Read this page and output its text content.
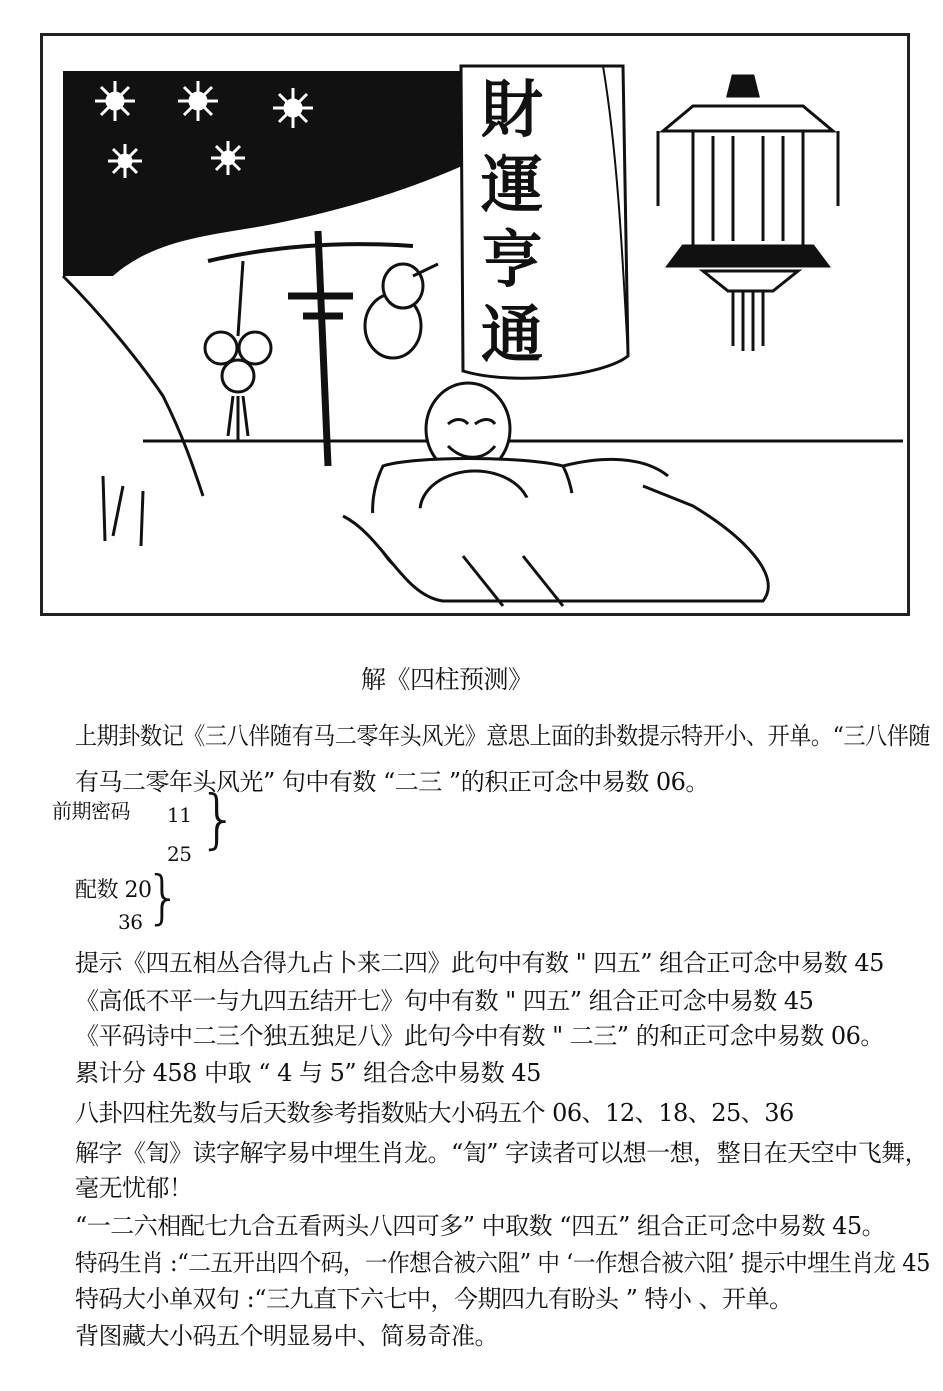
財
運
亨
通
解《四柱预测》
上期卦数记《三八伴随有马二零年头风光》意思上面的卦数提示特开小、开单。“三八伴随
有马二零年头风光” 句中有数 “二三 ”的积正可念中易数 06。
前期密码 11
25 }
配数 20
36 }
提示《四五相丛合得九占卜来二四》此句中有数 " 四五” 组合正可念中易数 45
《高低不平一与九四五结开七》句中有数 " 四五” 组合正可念中易数 45
《平码诗中二三个独五独足八》此句今中有数 " 二三” 的和正可念中易数 06。
累计分 458 中取 “ 4 与 5” 组合念中易数 45
八卦四柱先数与后天数参考指数贴大小码五个 06、12、18、25、36
解字《訇》读字解字易中埋生肖龙。“訇” 字读者可以想一想，整日在天空中飞舞，
毫无忧郁！
“一二六相配七九合五看两头八四可多” 中取数 “四五” 组合正可念中易数 45。
特码生肖 :“二五开出四个码，一作想合被六阻” 中 ‘一作想合被六阻’ 提示中埋生肖龙 45
特码大小单双句 :“三九直下六七中，今期四九有盼头 ” 特小 、开单。
背图藏大小码五个明显易中、简易奇准。
